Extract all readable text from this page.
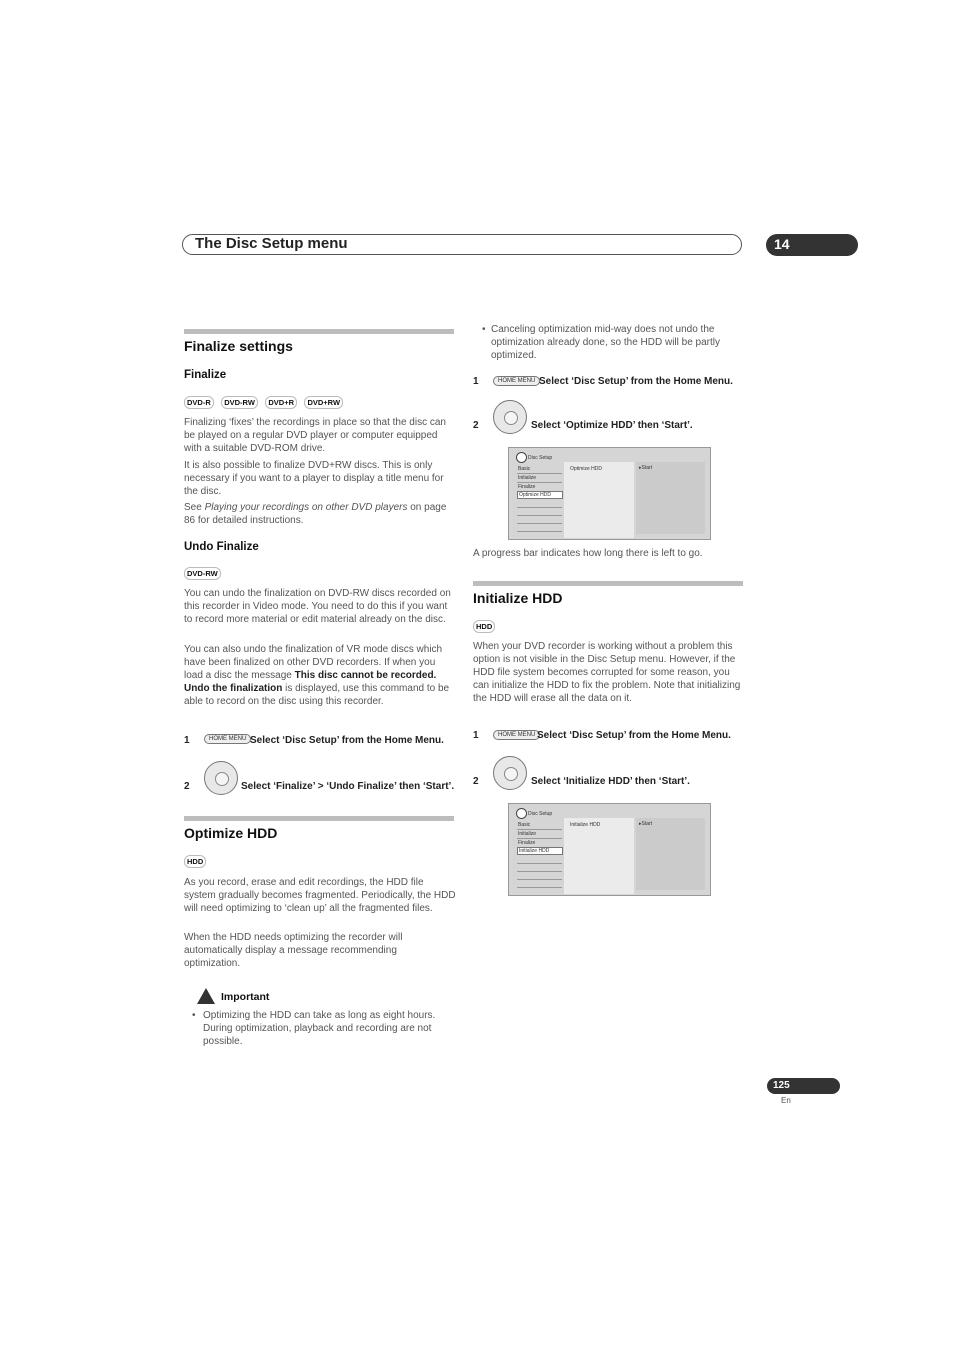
The Disc Setup menu	14
Finalize settings
Finalize
DVD-R DVD-RW DVD+R DVD+RW
Finalizing ‘fixes’ the recordings in place so that the disc can be played on a regular DVD player or computer equipped with a suitable DVD-ROM drive.
It is also possible to finalize DVD+RW discs. This is only necessary if you want to a player to display a title menu for the disc.
See Playing your recordings on other DVD players on page 86 for detailed instructions.
Undo Finalize
DVD-RW
You can undo the finalization on DVD-RW discs recorded on this recorder in Video mode. You need to do this if you want to record more material or edit material already on the disc.
You can also undo the finalization of VR mode discs which have been finalized on other DVD recorders. If when you load a disc the message This disc cannot be recorded. Undo the finalization is displayed, use this command to be able to record on the disc using this recorder.
1	HOME MENU Select ‘Disc Setup’ from the Home Menu.
2	Select ‘Finalize’ > ‘Undo Finalize’ then ‘Start’.
Optimize HDD
HDD
As you record, erase and edit recordings, the HDD file system gradually becomes fragmented. Periodically, the HDD will need optimizing to ‘clean up’ all the fragmented files.
When the HDD needs optimizing the recorder will automatically display a message recommending optimization.
Important
• Optimizing the HDD can take as long as eight hours. During optimization, playback and recording are not possible.
• Canceling optimization mid-way does not undo the optimization already done, so the HDD will be partly optimized.
1	HOME MENU Select ‘Disc Setup’ from the Home Menu.
2	Select ‘Optimize HDD’ then ‘Start’.
Disc Setup
Basic
Initialize
Finalize
Optimize HDD
Optimize HDD	▸Start
A progress bar indicates how long there is left to go.
Initialize HDD
HDD
When your DVD recorder is working without a problem this option is not visible in the Disc Setup menu. However, if the HDD file system becomes corrupted for some reason, you can initialize the HDD to fix the problem. Note that initializing the HDD will erase all the data on it.
1	HOME MENU Select ‘Disc Setup’ from the Home Menu.
2	Select ‘Initialize HDD’ then ‘Start’.
Disc Setup
Basic
Initialize
Finalize
Initialize HDD
Initialize HDD	▸Start
125
En
